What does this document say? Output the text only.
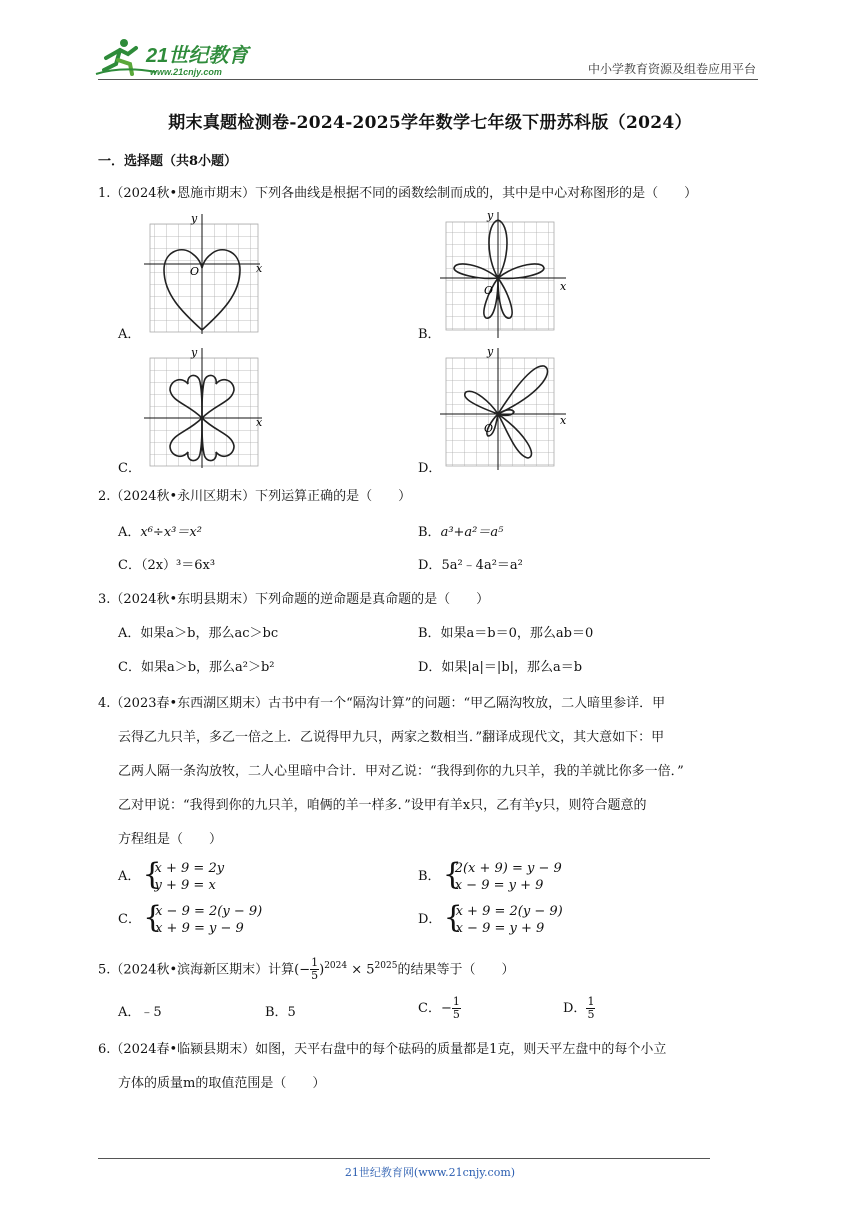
21世纪教育
www.21cnjy.com	中小学教育资源及组卷应用平台
期末真题检测卷-2024-2025学年数学七年级下册苏科版（2024）
一．选择题（共8小题）
1.（2024秋•恩施市期末）下列各曲线是根据不同的函数绘制而成的，其中是中心对称图形的是（　　）
A．	B．
C．	D．
x
y
O
x
y
O
x
y
x
y
O
2.（2024秋•永川区期末）下列运算正确的是（　　）
A．x⁶÷x³＝x²	B．a³+a²＝a⁵
C．（2x）³＝6x³	D．5a²﹣4a²＝a²
3.（2024秋•东明县期末）下列命题的逆命题是真命题的是（　　）
A．如果a＞b，那么ac＞bc	B．如果a＝b＝0，那么ab＝0
C．如果a＞b，那么a²＞b²	D．如果|a|＝|b|，那么a＝b
4.（2023春•东西湖区期末）古书中有一个“隔沟计算”的问题：“甲乙隔沟牧放，二人暗里参详．甲
云得乙九只羊，多乙一倍之上．乙说得甲九只，两家之数相当．”翻译成现代文，其大意如下：甲
乙两人隔一条沟放牧，二人心里暗中合计．甲对乙说：“我得到你的九只羊，我的羊就比你多一倍．”
乙对甲说：“我得到你的九只羊，咱俩的羊一样多．”设甲有羊x只，乙有羊y只，则符合题意的
方程组是（　　）
A．
{ x + 9 = 2y
y + 9 = x
B．
{ 2(x + 9) = y − 9
x − 9 = y + 9
C．
{ x − 9 = 2(y − 9)
x + 9 = y − 9
D．
{ x + 9 = 2(y − 9)
x − 9 = y + 9
5.（2024秋•滨海新区期末）计算(− $\frac{1}{5} )^{2024} \times 5^{2025}$的结果等于（　　）
A．﹣5	B．5	C．− $\frac{1}{5}$	D． $\frac{1}{5}$
6.（2024春•临颍县期末）如图，天平右盘中的每个砝码的质量都是1克，则天平左盘中的每个小立
方体的质量m的取值范围是（　　）
21世纪教育网(www.21cnjy.com)
